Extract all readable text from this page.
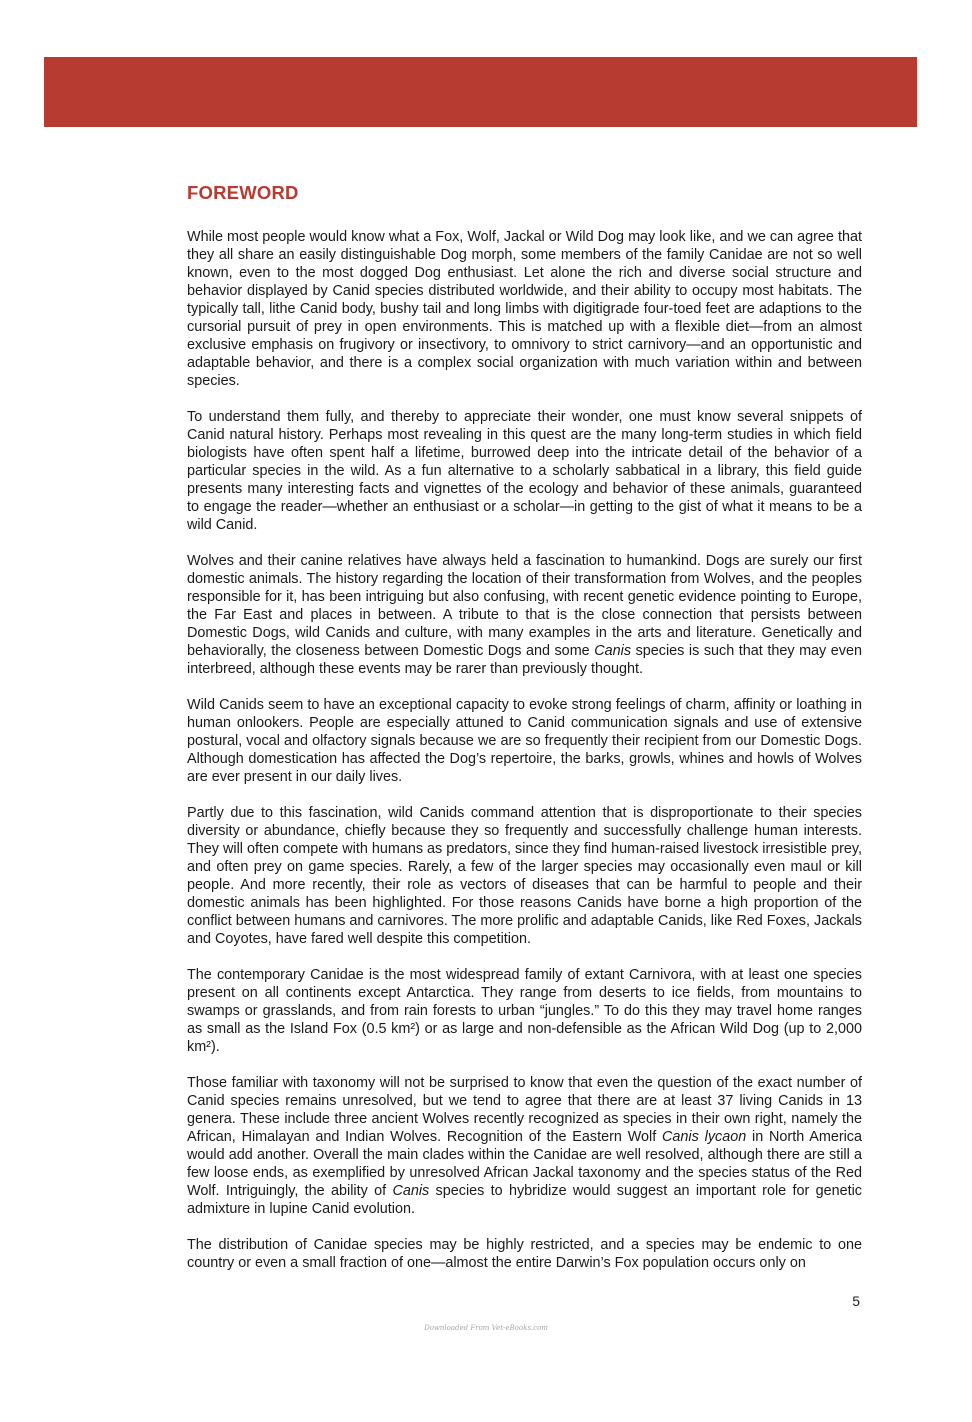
FOREWORD

While most people would know what a Fox, Wolf, Jackal or Wild Dog may look like, and we can agree that they all share an easily distinguishable Dog morph, some members of the family Canidae are not so well known, even to the most dogged Dog enthusiast. Let alone the rich and diverse social structure and behavior displayed by Canid species distributed worldwide, and their ability to occupy most habitats. The typically tall, lithe Canid body, bushy tail and long limbs with digitigrade four-toed feet are adaptions to the cursorial pursuit of prey in open environments. This is matched up with a flexible diet—from an almost exclusive emphasis on frugivory or insectivory, to omnivory to strict carnivory—and an opportunistic and adaptable behavior, and there is a complex social organization with much variation within and between species.

To understand them fully, and thereby to appreciate their wonder, one must know several snippets of Canid natural history. Perhaps most revealing in this quest are the many long-term studies in which field biologists have often spent half a lifetime, burrowed deep into the intricate detail of the behavior of a particular species in the wild. As a fun alternative to a scholarly sabbatical in a library, this field guide presents many interesting facts and vignettes of the ecology and behavior of these animals, guaranteed to engage the reader—whether an enthusiast or a scholar—in getting to the gist of what it means to be a wild Canid.

Wolves and their canine relatives have always held a fascination to humankind. Dogs are surely our first domestic animals. The history regarding the location of their transformation from Wolves, and the peoples responsible for it, has been intriguing but also confusing, with recent genetic evidence pointing to Europe, the Far East and places in between. A tribute to that is the close connection that persists between Domestic Dogs, wild Canids and culture, with many examples in the arts and literature. Genetically and behaviorally, the closeness between Domestic Dogs and some Canis species is such that they may even interbreed, although these events may be rarer than previously thought.

Wild Canids seem to have an exceptional capacity to evoke strong feelings of charm, affinity or loathing in human onlookers. People are especially attuned to Canid communication signals and use of extensive postural, vocal and olfactory signals because we are so frequently their recipient from our Domestic Dogs. Although domestication has affected the Dog’s repertoire, the barks, growls, whines and howls of Wolves are ever present in our daily lives.

Partly due to this fascination, wild Canids command attention that is disproportionate to their species diversity or abundance, chiefly because they so frequently and successfully challenge human interests. They will often compete with humans as predators, since they find human-raised livestock irresistible prey, and often prey on game species. Rarely, a few of the larger species may occasionally even maul or kill people. And more recently, their role as vectors of diseases that can be harmful to people and their domestic animals has been highlighted. For those reasons Canids have borne a high proportion of the conflict between humans and carnivores. The more prolific and adaptable Canids, like Red Foxes, Jackals and Coyotes, have fared well despite this competition.

The contemporary Canidae is the most widespread family of extant Carnivora, with at least one species present on all continents except Antarctica. They range from deserts to ice fields, from mountains to swamps or grasslands, and from rain forests to urban “jungles.” To do this they may travel home ranges as small as the Island Fox (0.5 km²) or as large and non-defensible as the African Wild Dog (up to 2,000 km²).

Those familiar with taxonomy will not be surprised to know that even the question of the exact number of Canid species remains unresolved, but we tend to agree that there are at least 37 living Canids in 13 genera. These include three ancient Wolves recently recognized as species in their own right, namely the African, Himalayan and Indian Wolves. Recognition of the Eastern Wolf Canis lycaon in North America would add another. Overall the main clades within the Canidae are well resolved, although there are still a few loose ends, as exemplified by unresolved African Jackal taxonomy and the species status of the Red Wolf. Intriguingly, the ability of Canis species to hybridize would suggest an important role for genetic admixture in lupine Canid evolution.

The distribution of Canidae species may be highly restricted, and a species may be endemic to one country or even a small fraction of one—almost the entire Darwin’s Fox population occurs only on

5
Downloaded From Vet-eBooks.com
